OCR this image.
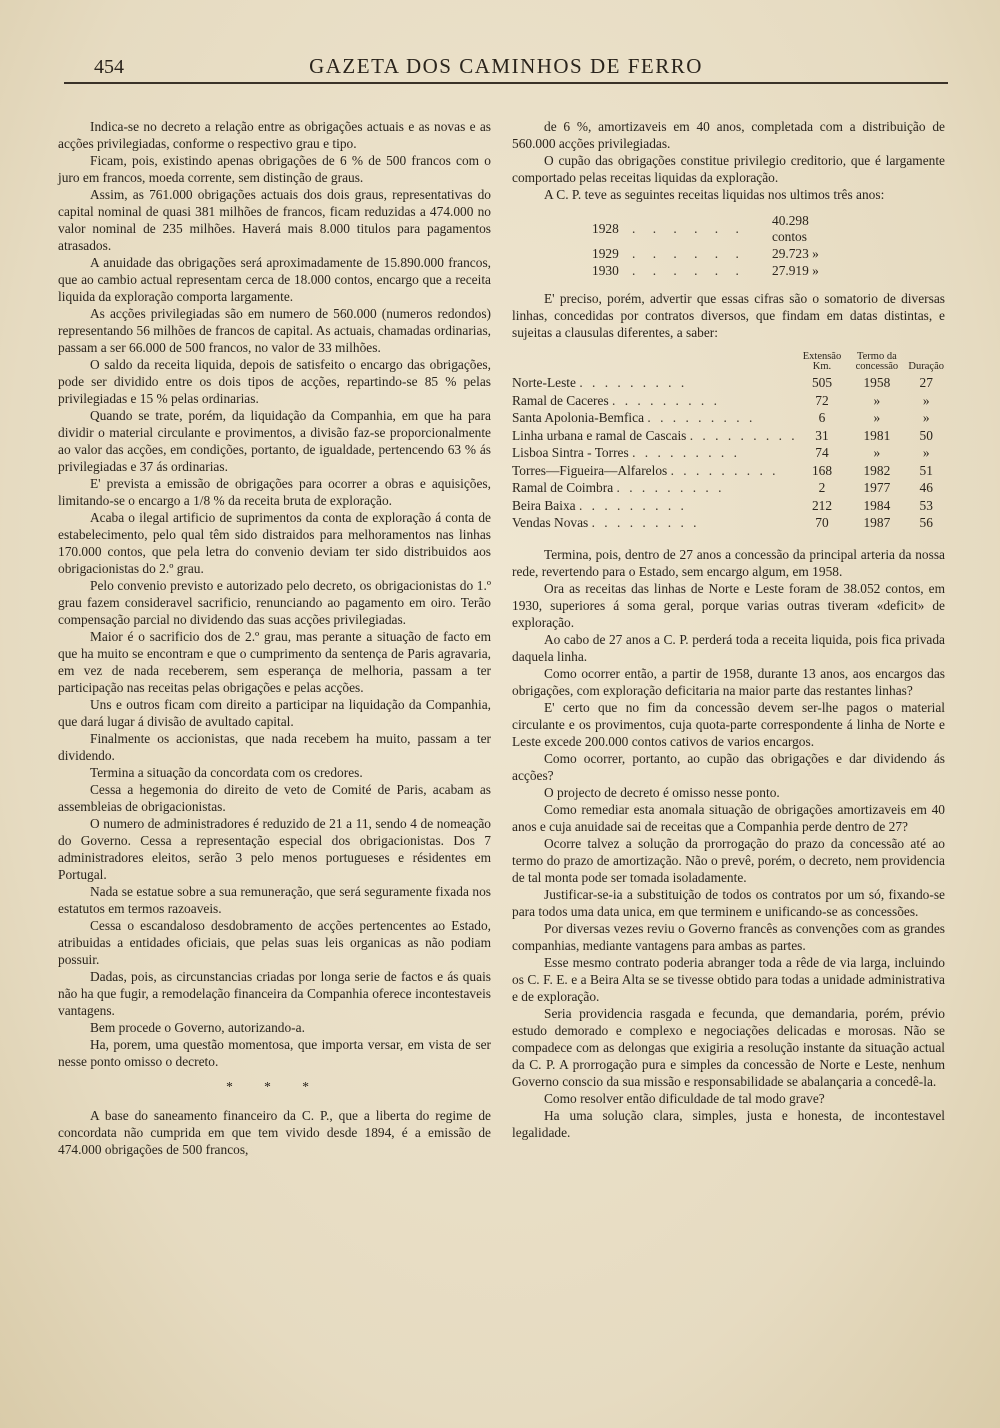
454	GAZETA DOS CAMINHOS DE FERRO

Indica-se no decreto a relação entre as obrigações actuais e as novas e as acções privilegiadas, conforme o respectivo grau e tipo.

Ficam, pois, existindo apenas obrigações de 6 % de 500 francos com o juro em francos, moeda corrente, sem distinção de graus.

Assim, as 761.000 obrigações actuais dos dois graus, representativas do capital nominal de quasi 381 milhões de francos, ficam reduzidas a 474.000 no valor nominal de 235 milhões. Haverá mais 8.000 titulos para pagamentos atrasados.

A anuidade das obrigações será aproximadamente de 15.890.000 francos, que ao cambio actual representam cerca de 18.000 contos, encargo que a receita liquida da exploração comporta largamente.

As acções privilegiadas são em numero de 560.000 (numeros redondos) representando 56 milhões de francos de capital. As actuais, chamadas ordinarias, passam a ser 66.000 de 500 francos, no valor de 33 milhões.

O saldo da receita liquida, depois de satisfeito o encargo das obrigações, pode ser dividido entre os dois tipos de acções, repartindo-se 85 % pelas privilegiadas e 15 % pelas ordinarias.

Quando se trate, porém, da liquidação da Companhia, em que ha para dividir o material circulante e provimentos, a divisão faz-se proporcionalmente ao valor das acções, em condições, portanto, de igualdade, pertencendo 63 % ás privilegiadas e 37 ás ordinarias.

E' prevista a emissão de obrigações para ocorrer a obras e aquisições, limitando-se o encargo a 1/8 % da receita bruta de exploração.

Acaba o ilegal artificio de suprimentos da conta de exploração á conta de estabelecimento, pelo qual têm sido distraidos para melhoramentos nas linhas 170.000 contos, que pela letra do convenio deviam ter sido distribuidos aos obrigacionistas do 2.º grau.

Pelo convenio previsto e autorizado pelo decreto, os obrigacionistas do 1.º grau fazem consideravel sacrificio, renunciando ao pagamento em oiro. Terão compensação parcial no dividendo das suas acções privilegiadas.

Maior é o sacrificio dos de 2.º grau, mas perante a situação de facto em que ha muito se encontram e que o cumprimento da sentença de Paris agravaria, em vez de nada receberem, sem esperança de melhoria, passam a ter participação nas receitas pelas obrigações e pelas acções.

Uns e outros ficam com direito a participar na liquidação da Companhia, que dará lugar á divisão de avultado capital.

Finalmente os accionistas, que nada recebem ha muito, passam a ter dividendo.

Termina a situação da concordata com os credores.

Cessa a hegemonia do direito de veto de Comité de Paris, acabam as assembleias de obrigacionistas.

O numero de administradores é reduzido de 21 a 11, sendo 4 de nomeação do Governo. Cessa a representação especial dos obrigacionistas. Dos 7 administradores eleitos, serão 3 pelo menos portugueses e résidentes em Portugal.

Nada se estatue sobre a sua remuneração, que será seguramente fixada nos estatutos em termos razoaveis.

Cessa o escandaloso desdobramento de acções pertencentes ao Estado, atribuidas a entidades oficiais, que pelas suas leis organicas as não podiam possuir.

Dadas, pois, as circunstancias criadas por longa serie de factos e ás quais não ha que fugir, a remodelação financeira da Companhia oferece incontestaveis vantagens.

Bem procede o Governo, autorizando-a.

Ha, porem, uma questão momentosa, que importa versar, em vista de ser nesse ponto omisso o decreto.

* * *

A base do saneamento financeiro da C. P., que a liberta do regime de concordata não cumprida em que tem vivido desde 1894, é a emissão de 474.000 obrigações de 500 francos,

de 6 %, amortizaveis em 40 anos, completada com a distribuição de 560.000 acções privilegiadas.

O cupão das obrigações constitue privilegio creditorio, que é largamente comportado pelas receitas liquidas da exploração.

A C. P. teve as seguintes receitas liquidas nos ultimos três anos:

1928	. . . . . .	40.298 contos
1929	. . . . . .	29.723 »
1930	. . . . . .	27.919 »

E' preciso, porém, advertir que essas cifras são o somatorio de diversas linhas, concedidas por contratos diversos, que findam em datas distintas, e sujeitas a clausulas diferentes, a saber:

	Extensão Km.	Termo da concessão	Duração
Norte-Leste . . . . . . . . .	505	1958	27
Ramal de Caceres . . . . . . . . .	72	»	»
Santa Apolonia-Bemfica . . . . . . . . .	6	»	»
Linha urbana e ramal de Cascais . . . . . . . . .	31	1981	50
Lisboa Sintra - Torres . . . . . . . . .	74	»	»
Torres—Figueira—Alfarelos . . . . . . . . .	168	1982	51
Ramal de Coimbra . . . . . . . . .	2	1977	46
Beira Baixa . . . . . . . . .	212	1984	53
Vendas Novas . . . . . . . . .	70	1987	56

Termina, pois, dentro de 27 anos a concessão da principal arteria da nossa rede, revertendo para o Estado, sem encargo algum, em 1958.

Ora as receitas das linhas de Norte e Leste foram de 38.052 contos, em 1930, superiores á soma geral, porque varias outras tiveram «deficit» de exploração.

Ao cabo de 27 anos a C. P. perderá toda a receita liquida, pois fica privada daquela linha.

Como ocorrer então, a partir de 1958, durante 13 anos, aos encargos das obrigações, com exploração deficitaria na maior parte das restantes linhas?

E' certo que no fim da concessão devem ser-lhe pagos o material circulante e os provimentos, cuja quota-parte correspondente á linha de Norte e Leste excede 200.000 contos cativos de varios encargos.

Como ocorrer, portanto, ao cupão das obrigações e dar dividendo ás acções?

O projecto de decreto é omisso nesse ponto.

Como remediar esta anomala situação de obrigações amortizaveis em 40 anos e cuja anuidade sai de receitas que a Companhia perde dentro de 27?

Ocorre talvez a solução da prorrogação do prazo da concessão até ao termo do prazo de amortização. Não o prevê, porém, o decreto, nem providencia de tal monta pode ser tomada isoladamente.

Justificar-se-ia a substituição de todos os contratos por um só, fixando-se para todos uma data unica, em que terminem e unificando-se as concessões.

Por diversas vezes reviu o Governo francês as convenções com as grandes companhias, mediante vantagens para ambas as partes.

Esse mesmo contrato poderia abranger toda a rêde de via larga, incluindo os C. F. E. e a Beira Alta se se tivesse obtido para todas a unidade administrativa e de exploração.

Seria providencia rasgada e fecunda, que demandaria, porém, prévio estudo demorado e complexo e negociações delicadas e morosas. Não se compadece com as delongas que exigiria a resolução instante da situação actual da C. P. A prorrogação pura e simples da concessão de Norte e Leste, nenhum Governo conscio da sua missão e responsabilidade se abalançaria a concedê-la.

Como resolver então dificuldade de tal modo grave?

Ha uma solução clara, simples, justa e honesta, de incontestavel legalidade.
